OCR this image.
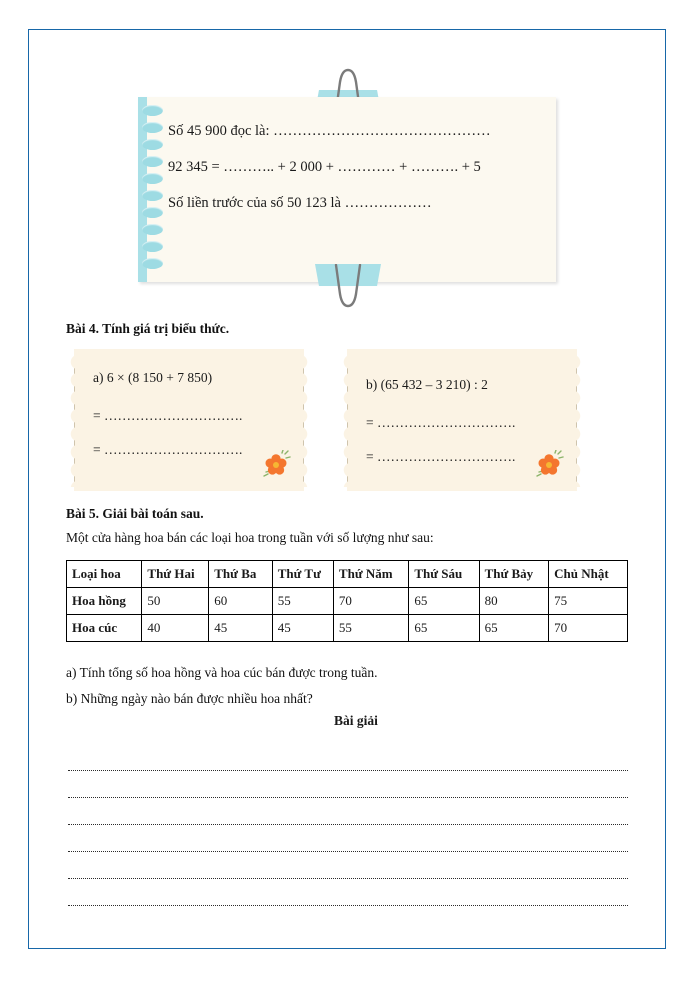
Số 45 900 đọc là: ………………………………………
92 345 = ……….. + 2 000 + ………… + ………. + 5
Số liền trước của số 50 123 là ………………
Bài 4. Tính giá trị biểu thức.
a) 6 × (8 150 + 7 850)
= ………………………….
= ………………………….
b) (65 432 – 3 210) : 2
= ………………………….
= ………………………….
Bài 5. Giải bài toán sau.
Một cửa hàng hoa bán các loại hoa trong tuần với số lượng như sau:
Loại hoa	Thứ Hai	Thứ Ba	Thứ Tư	Thứ Năm	Thứ Sáu	Thứ Bảy	Chủ Nhật
Hoa hồng	50	60	55	70	65	80	75
Hoa cúc	40	45	45	55	65	65	70
a) Tính tổng số hoa hồng và hoa cúc bán được trong tuần.
b) Những ngày nào bán được nhiều hoa nhất?
Bài giải
